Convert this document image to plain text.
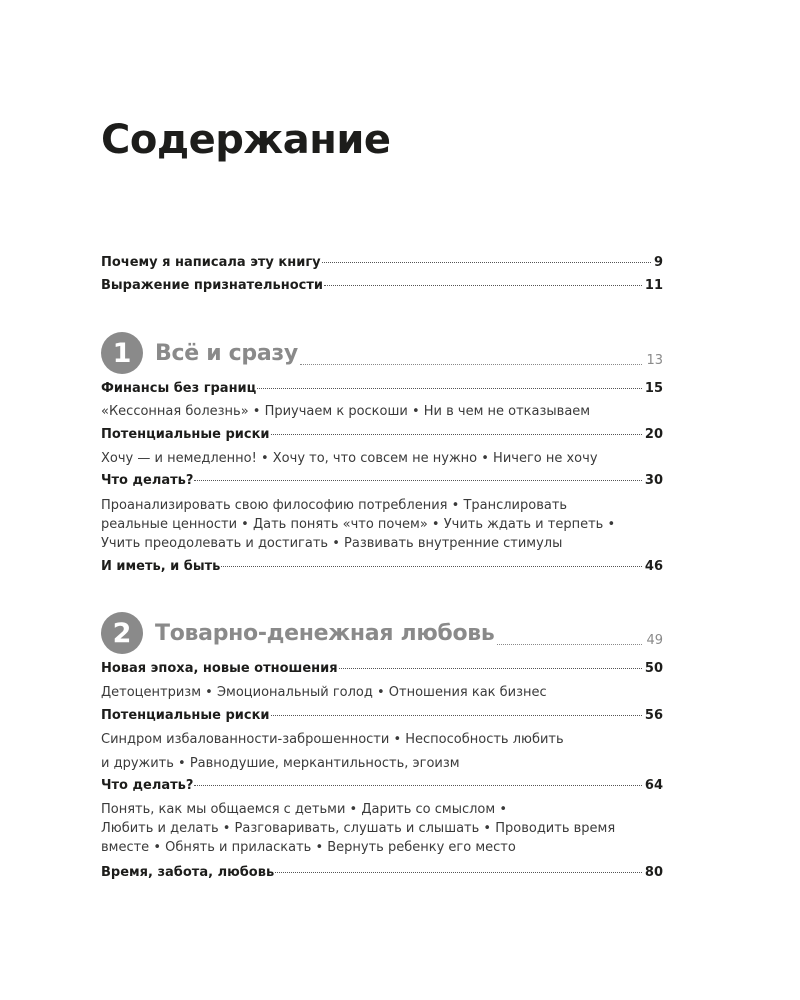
Содержание
Почему я написала эту книгу	9
Выражение признательности	11
1	Всё и сразу	13
Финансы без границ	15
«Кессонная болезнь» • Приучаем к роскоши • Ни в чем не отказываем
Потенциальные риски	20
Хочу — и немедленно! • Хочу то, что совсем не нужно • Ничего не хочу
Что делать?	30
Проанализировать свою философию потребления • Транслировать
реальные ценности • Дать понять «что почем» • Учить ждать и терпеть •
Учить преодолевать и достигать • Развивать внутренние стимулы
И иметь, и быть	46
2	Товарно-денежная любовь	49
Новая эпоха, новые отношения	50
Детоцентризм • Эмоциональный голод • Отношения как бизнес
Потенциальные риски	56
Синдром избалованности-заброшенности • Неспособность любить
и дружить • Равнодушие, меркантильность, эгоизм
Что делать?	64
Понять, как мы общаемся с детьми • Дарить со смыслом •
Любить и делать • Разговаривать, слушать и слышать • Проводить время
вместе • Обнять и приласкать • Вернуть ребенку его место
Время, забота, любовь	80
